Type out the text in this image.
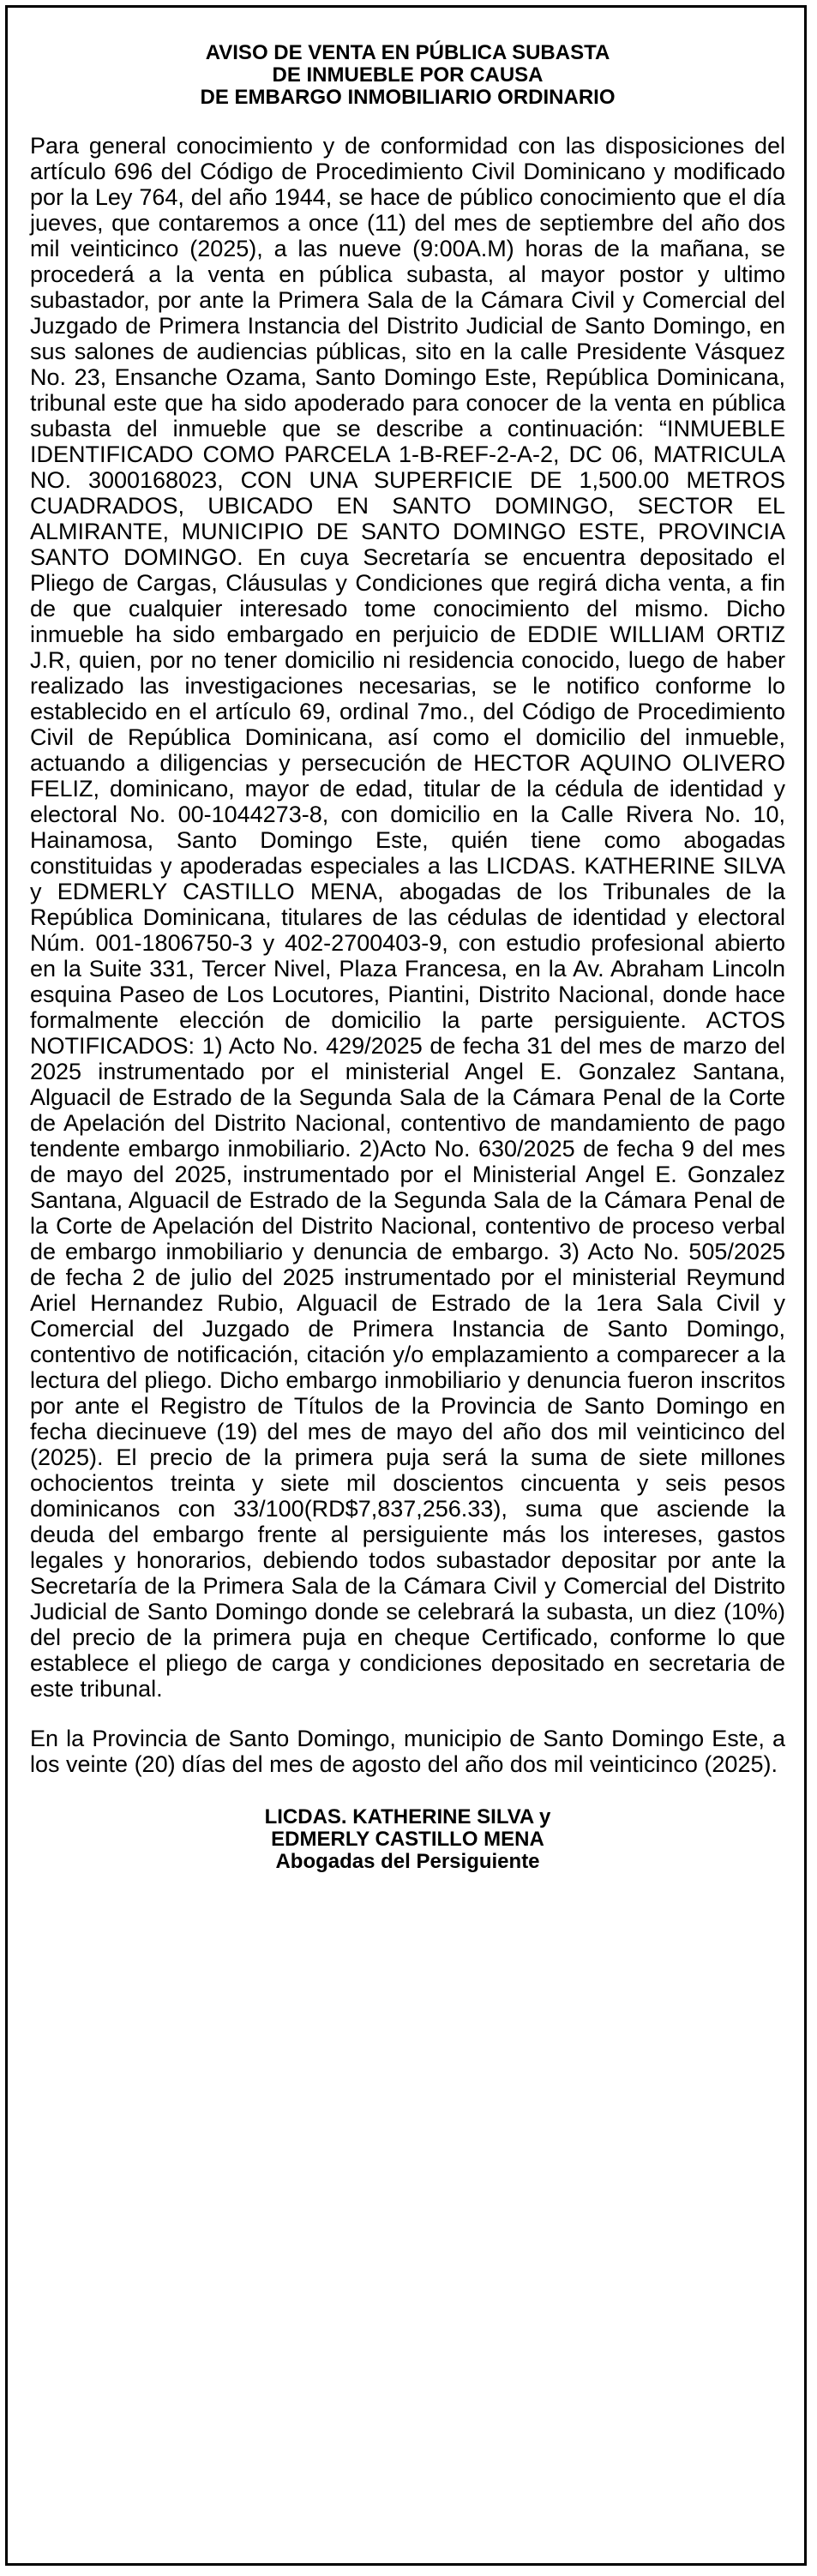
AVISO DE VENTA EN PÚBLICA SUBASTA
DE INMUEBLE POR CAUSA
DE EMBARGO INMOBILIARIO ORDINARIO

Para general conocimiento y de conformidad con las disposiciones del artículo 696 del Código de Procedimiento Civil Dominicano y modificado por la Ley 764, del año 1944, se hace de público conocimiento que el día jueves, que contaremos a once (11) del mes de septiembre del año dos mil veinticinco (2025), a las nueve (9:00A.M) horas de la mañana, se procederá a la venta en pública subasta, al mayor postor y ultimo subastador, por ante la Primera Sala de la Cámara Civil y Comercial del Juzgado de Primera Instancia del Distrito Judicial de Santo Domingo, en sus salones de audiencias públicas, sito en la calle Presidente Vásquez No. 23, Ensanche Ozama, Santo Domingo Este, República Dominicana, tribunal este que ha sido apoderado para conocer de la venta en pública subasta del inmueble que se describe a continuación: “INMUEBLE IDENTIFICADO COMO PARCELA 1-B-REF-2-A-2, DC 06, MATRICULA NO. 3000168023, CON UNA SUPERFICIE DE 1,500.00 METROS CUADRADOS, UBICADO EN SANTO DOMINGO, SECTOR EL ALMIRANTE, MUNICIPIO DE SANTO DOMINGO ESTE, PROVINCIA SANTO DOMINGO. En cuya Secretaría se encuentra depositado el Pliego de Cargas, Cláusulas y Condiciones que regirá dicha venta, a fin de que cualquier interesado tome conocimiento del mismo. Dicho inmueble ha sido embargado en perjuicio de EDDIE WILLIAM ORTIZ J.R, quien, por no tener domicilio ni residencia conocido, luego de haber realizado las investigaciones necesarias, se le notifico conforme lo establecido en el artículo 69, ordinal 7mo., del Código de Procedimiento Civil de República Dominicana, así como el domicilio del inmueble, actuando a diligencias y persecución de HECTOR AQUINO OLIVERO FELIZ, dominicano, mayor de edad, titular de la cédula de identidad y electoral No. 00-1044273-8, con domicilio en la Calle Rivera No. 10, Hainamosa, Santo Domingo Este, quién tiene como abogadas constituidas y apoderadas especiales a las LICDAS. KATHERINE SILVA y EDMERLY CASTILLO MENA, abogadas de los Tribunales de la República Dominicana, titulares de las cédulas de identidad y electoral Núm. 001-1806750-3 y 402-2700403-9, con estudio profesional abierto en la Suite 331, Tercer Nivel, Plaza Francesa, en la Av. Abraham Lincoln esquina Paseo de Los Locutores, Piantini, Distrito Nacional, donde hace formalmente elección de domicilio la parte persiguiente. ACTOS NOTIFICADOS: 1) Acto No. 429/2025 de fecha 31 del mes de marzo del 2025 instrumentado por el ministerial Angel E. Gonzalez Santana, Alguacil de Estrado de la Segunda Sala de la Cámara Penal de la Corte de Apelación del Distrito Nacional, contentivo de mandamiento de pago tendente embargo inmobiliario. 2)Acto No. 630/2025 de fecha 9 del mes de mayo del 2025, instrumentado por el Ministerial Angel E. Gonzalez Santana, Alguacil de Estrado de la Segunda Sala de la Cámara Penal de la Corte de Apelación del Distrito Nacional, contentivo de proceso verbal de embargo inmobiliario y denuncia de embargo. 3) Acto No. 505/2025 de fecha 2 de julio del 2025 instrumentado por el ministerial Reymund Ariel Hernandez Rubio, Alguacil de Estrado de la 1era Sala Civil y Comercial del Juzgado de Primera Instancia de Santo Domingo, contentivo de notificación, citación y/o emplazamiento a comparecer a la lectura del pliego. Dicho embargo inmobiliario y denuncia fueron inscritos por ante el Registro de Títulos de la Provincia de Santo Domingo en fecha diecinueve (19) del mes de mayo del año dos mil veinticinco del (2025). El precio de la primera puja será la suma de siete millones ochocientos treinta y siete mil doscientos cincuenta y seis pesos dominicanos con 33/100(RD$7,837,256.33), suma que asciende la deuda del embargo frente al persiguiente más los intereses, gastos legales y honorarios, debiendo todos subastador depositar por ante la Secretaría de la Primera Sala de la Cámara Civil y Comercial del Distrito Judicial de Santo Domingo donde se celebrará la subasta, un diez (10%) del precio de la primera puja en cheque Certificado, conforme lo que establece el pliego de carga y condiciones depositado en secretaria de este tribunal.

En la Provincia de Santo Domingo, municipio de Santo Domingo Este, a los veinte (20) días del mes de agosto del año dos mil veinticinco (2025).

LICDAS. KATHERINE SILVA y
EDMERLY CASTILLO MENA
Abogadas del Persiguiente
